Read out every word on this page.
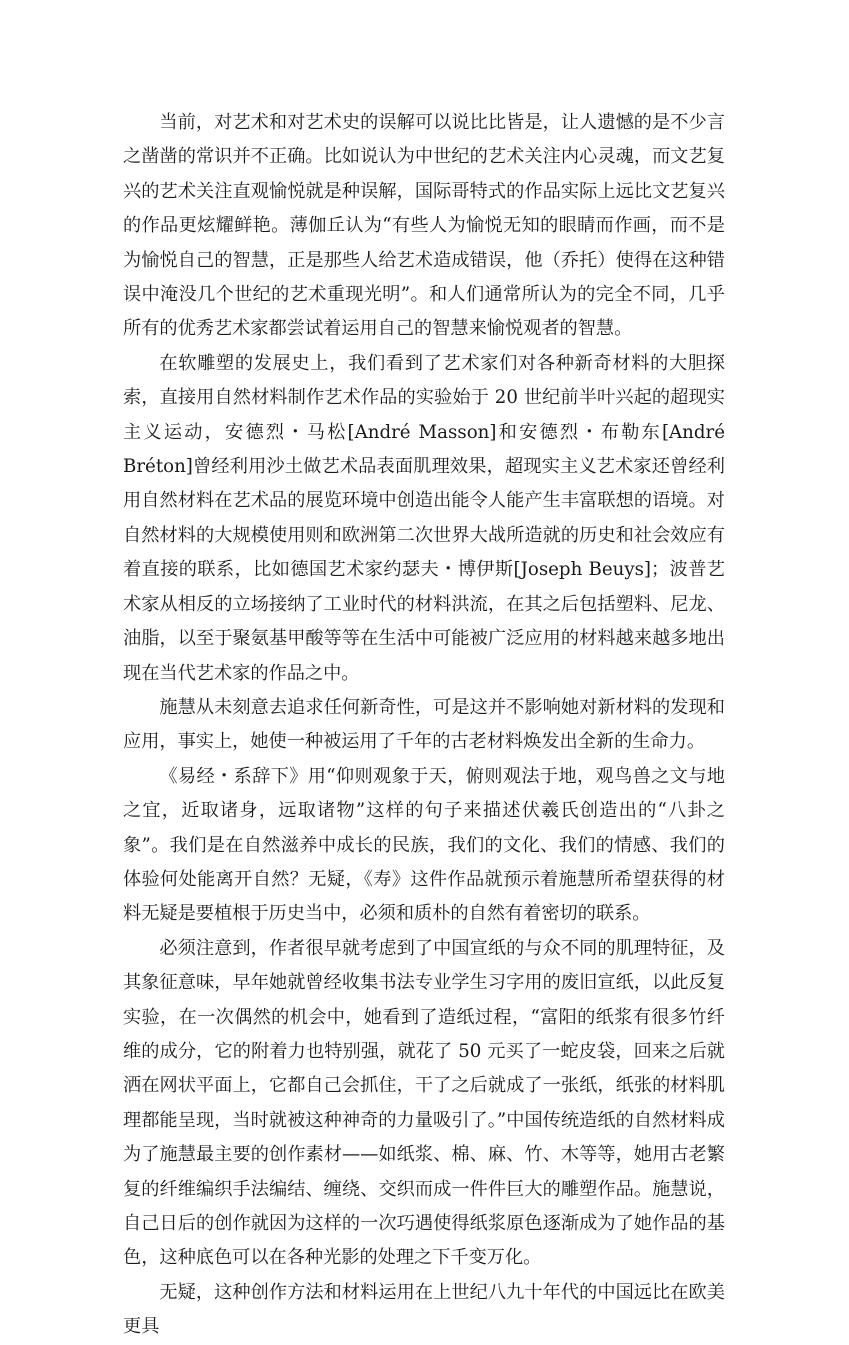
当前，对艺术和对艺术史的误解可以说比比皆是，让人遗憾的是不少言之凿凿的常识并不正确。比如说认为中世纪的艺术关注内心灵魂，而文艺复兴的艺术关注直观愉悦就是种误解，国际哥特式的作品实际上远比文艺复兴的作品更炫耀鲜艳。薄伽丘认为“有些人为愉悦无知的眼睛而作画，而不是为愉悦自己的智慧，正是那些人给艺术造成错误，他（乔托）使得在这种错误中淹没几个世纪的艺术重现光明”。和人们通常所认为的完全不同，几乎所有的优秀艺术家都尝试着运用自己的智慧来愉悦观者的智慧。

在软雕塑的发展史上，我们看到了艺术家们对各种新奇材料的大胆探索，直接用自然材料制作艺术作品的实验始于 20 世纪前半叶兴起的超现实主义运动，安德烈・马松[André Masson]和安德烈・布勒东[André Bréton]曾经利用沙土做艺术品表面肌理效果，超现实主义艺术家还曾经利用自然材料在艺术品的展览环境中创造出能令人能产生丰富联想的语境。对自然材料的大规模使用则和欧洲第二次世界大战所造就的历史和社会效应有着直接的联系，比如德国艺术家约瑟夫・博伊斯[Joseph Beuys]；波普艺术家从相反的立场接纳了工业时代的材料洪流，在其之后包括塑料、尼龙、油脂，以至于聚氨基甲酸等等在生活中可能被广泛应用的材料越来越多地出现在当代艺术家的作品之中。

施慧从未刻意去追求任何新奇性，可是这并不影响她对新材料的发现和应用，事实上，她使一种被运用了千年的古老材料焕发出全新的生命力。

《易经・系辞下》用“仰则观象于天，俯则观法于地，观鸟兽之文与地之宜，近取诸身，远取诸物”这样的句子来描述伏羲氏创造出的“八卦之象”。我们是在自然滋养中成长的民族，我们的文化、我们的情感、我们的体验何处能离开自然？无疑，《寿》这件作品就预示着施慧所希望获得的材料无疑是要植根于历史当中，必须和质朴的自然有着密切的联系。

必须注意到，作者很早就考虑到了中国宣纸的与众不同的肌理特征，及其象征意味，早年她就曾经收集书法专业学生习字用的废旧宣纸，以此反复实验，在一次偶然的机会中，她看到了造纸过程，“富阳的纸浆有很多竹纤维的成分，它的附着力也特别强，就花了 50 元买了一蛇皮袋，回来之后就洒在网状平面上，它都自己会抓住，干了之后就成了一张纸，纸张的材料肌理都能呈现，当时就被这种神奇的力量吸引了。”中国传统造纸的自然材料成为了施慧最主要的创作素材——如纸浆、棉、麻、竹、木等等，她用古老繁复的纤维编织手法编结、缠绕、交织而成一件件巨大的雕塑作品。施慧说，自己日后的创作就因为这样的一次巧遇使得纸浆原色逐渐成为了她作品的基色，这种底色可以在各种光影的处理之下千变万化。

无疑，这种创作方法和材料运用在上世纪八九十年代的中国远比在欧美更具
